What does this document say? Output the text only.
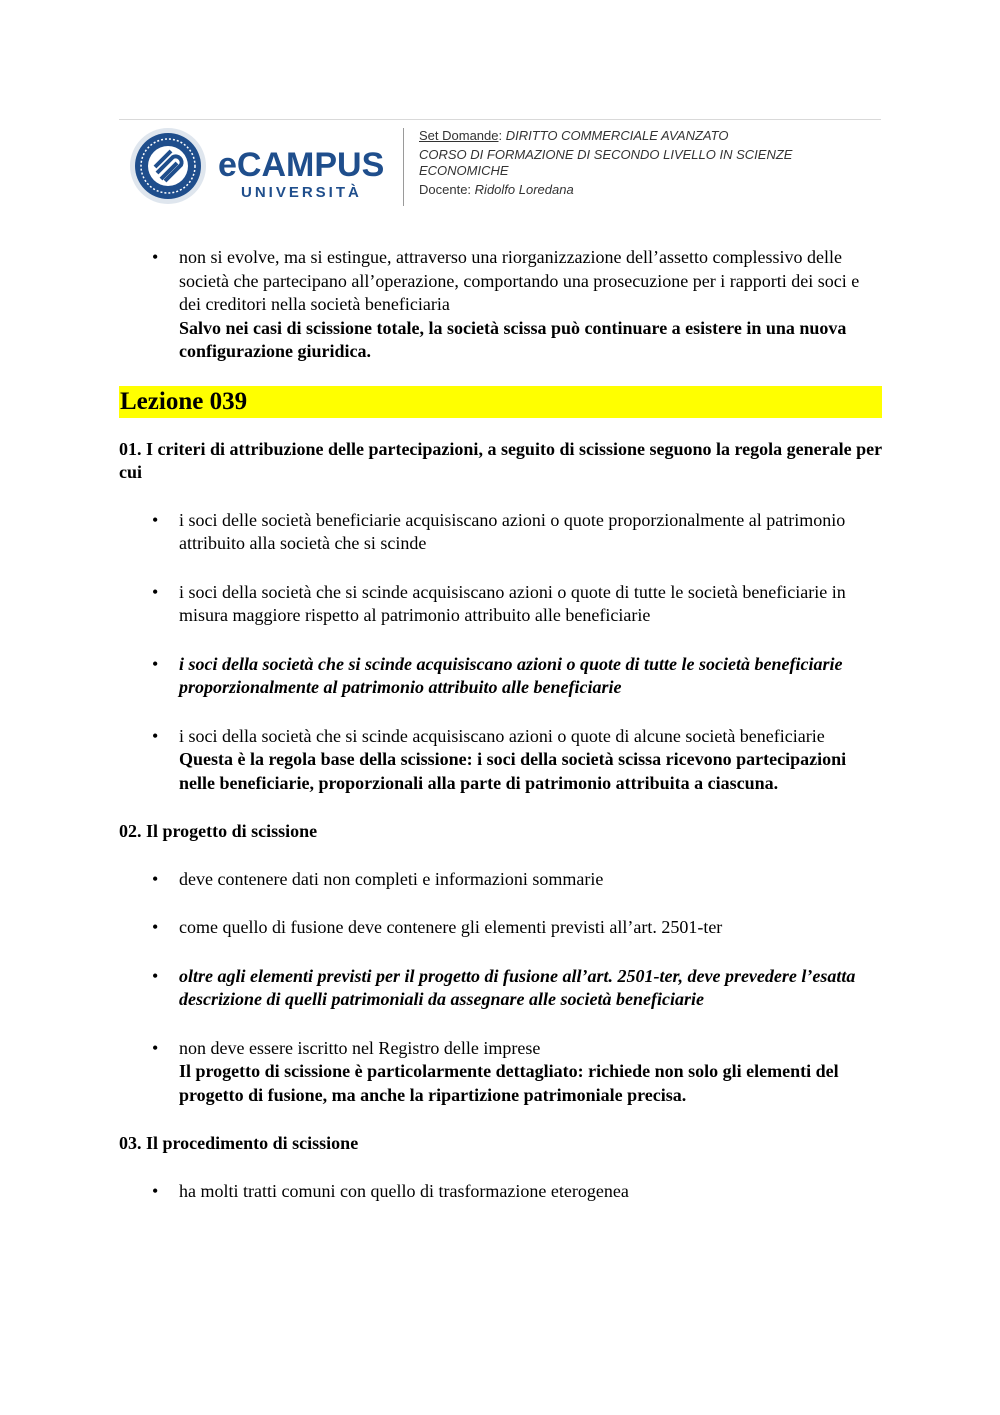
eCAMPUS
UNIVERSITÀ
Set Domande: DIRITTO COMMERCIALE AVANZATO
CORSO DI FORMAZIONE DI SECONDO LIVELLO IN SCIENZE ECONOMICHE
Docente: Ridolfo Loredana
• non si evolve, ma si estingue, attraverso una riorganizzazione dell’assetto complessivo delle società che partecipano all’operazione, comportando una prosecuzione per i rapporti dei soci e dei creditori nella società beneficiaria
Salvo nei casi di scissione totale, la società scissa può continuare a esistere in una nuova configurazione giuridica.
Lezione 039
01. I criteri di attribuzione delle partecipazioni, a seguito di scissione seguono la regola generale per cui
• i soci delle società beneficiarie acquisiscano azioni o quote proporzionalmente al patrimonio attribuito alla società che si scinde
• i soci della società che si scinde acquisiscano azioni o quote di tutte le società beneficiarie in misura maggiore rispetto al patrimonio attribuito alle beneficiarie
• i soci della società che si scinde acquisiscano azioni o quote di tutte le società beneficiarie proporzionalmente al patrimonio attribuito alle beneficiarie
• i soci della società che si scinde acquisiscano azioni o quote di alcune società beneficiarie
Questa è la regola base della scissione: i soci della società scissa ricevono partecipazioni nelle beneficiarie, proporzionali alla parte di patrimonio attribuita a ciascuna.
02. Il progetto di scissione
• deve contenere dati non completi e informazioni sommarie
• come quello di fusione deve contenere gli elementi previsti all’art. 2501-ter
• oltre agli elementi previsti per il progetto di fusione all’art. 2501-ter, deve prevedere l’esatta descrizione di quelli patrimoniali da assegnare alle società beneficiarie
• non deve essere iscritto nel Registro delle imprese
Il progetto di scissione è particolarmente dettagliato: richiede non solo gli elementi del progetto di fusione, ma anche la ripartizione patrimoniale precisa.
03. Il procedimento di scissione
• ha molti tratti comuni con quello di trasformazione eterogenea
